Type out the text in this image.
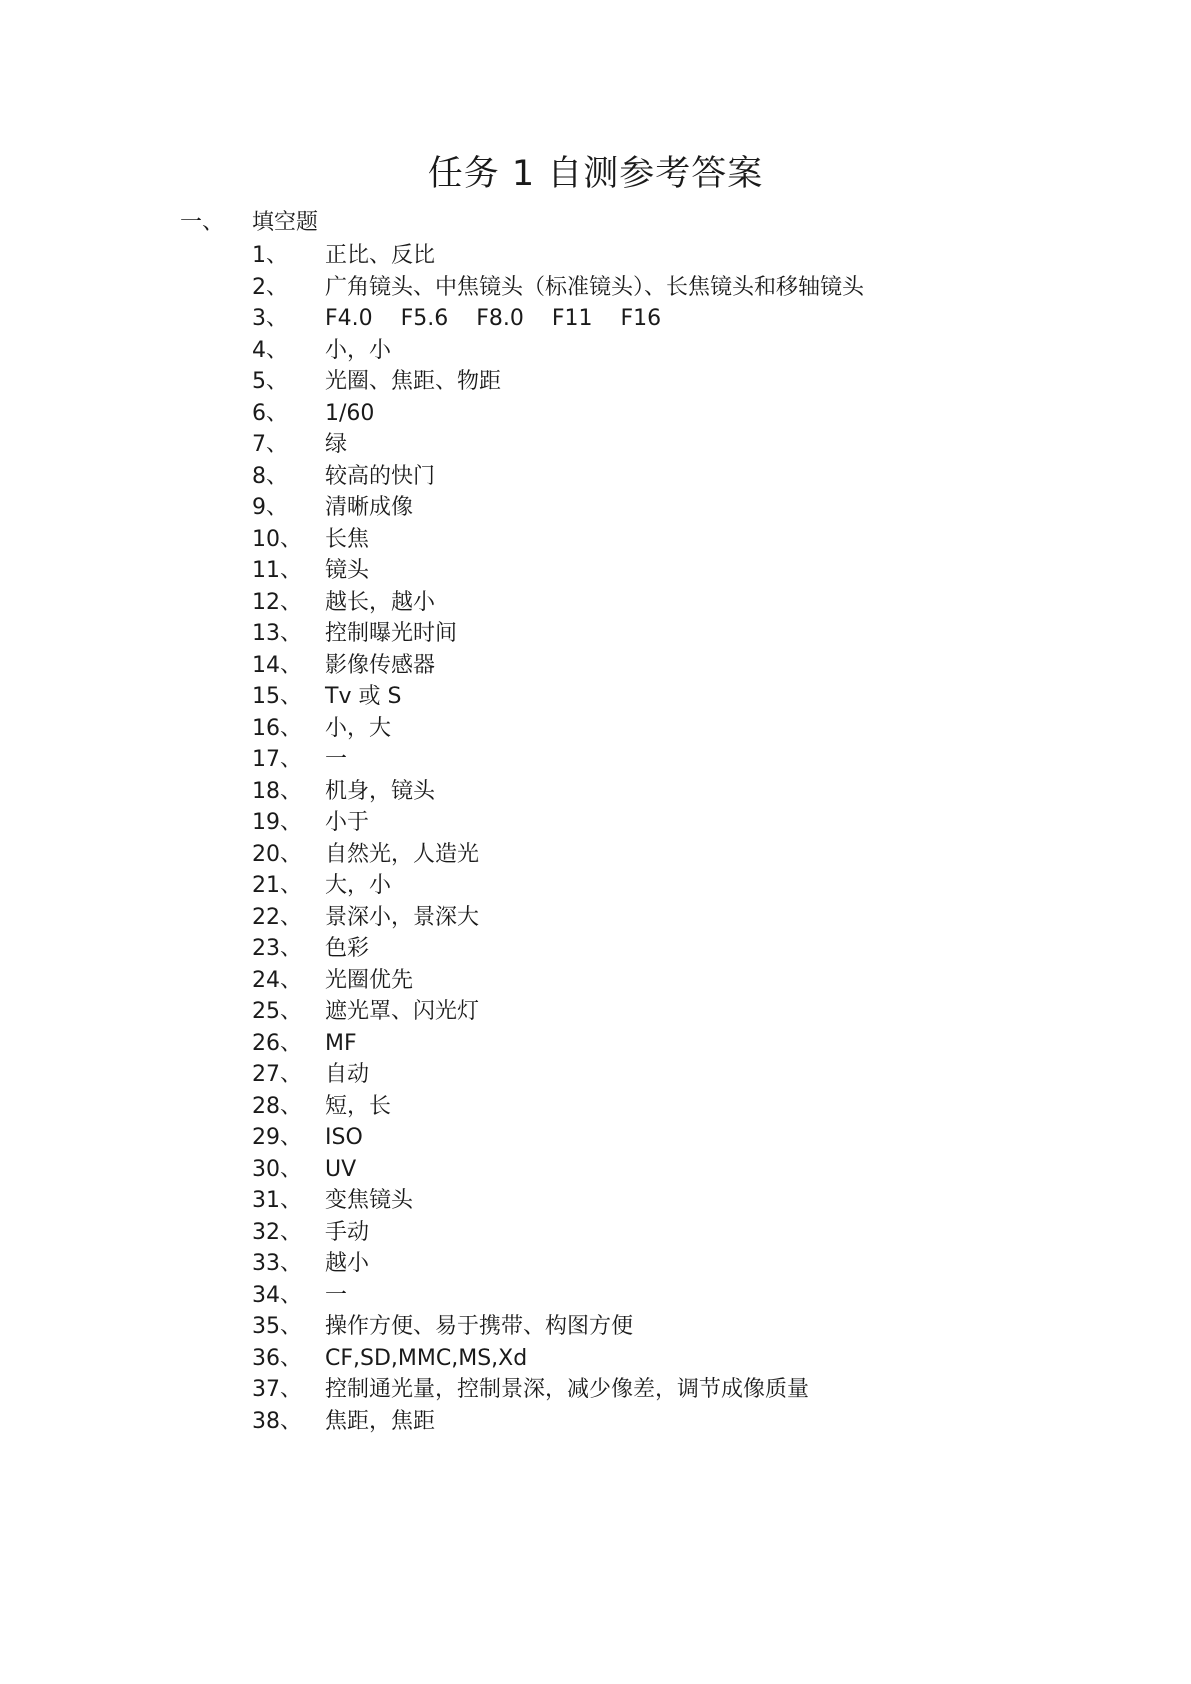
任务 1 自测参考答案
一、	填空题
1、	正比、反比
2、	广角镜头、中焦镜头（标准镜头）、长焦镜头和移轴镜头
3、	F4.0    F5.6    F8.0    F11    F16
4、	小，小
5、	光圈、焦距、物距
6、	1/60
7、	绿
8、	较高的快门
9、	清晰成像
10、	长焦
11、	镜头
12、	越长，越小
13、	控制曝光时间
14、	影像传感器
15、	Tv 或 S
16、	小，大
17、	一
18、	机身，镜头
19、	小于
20、	自然光，人造光
21、	大，小
22、	景深小，景深大
23、	色彩
24、	光圈优先
25、	遮光罩、闪光灯
26、	MF
27、	自动
28、	短，长
29、	ISO
30、	UV
31、	变焦镜头
32、	手动
33、	越小
34、	一
35、	操作方便、易于携带、构图方便
36、	CF,SD,MMC,MS,Xd
37、	控制通光量，控制景深，减少像差，调节成像质量
38、	焦距，焦距
